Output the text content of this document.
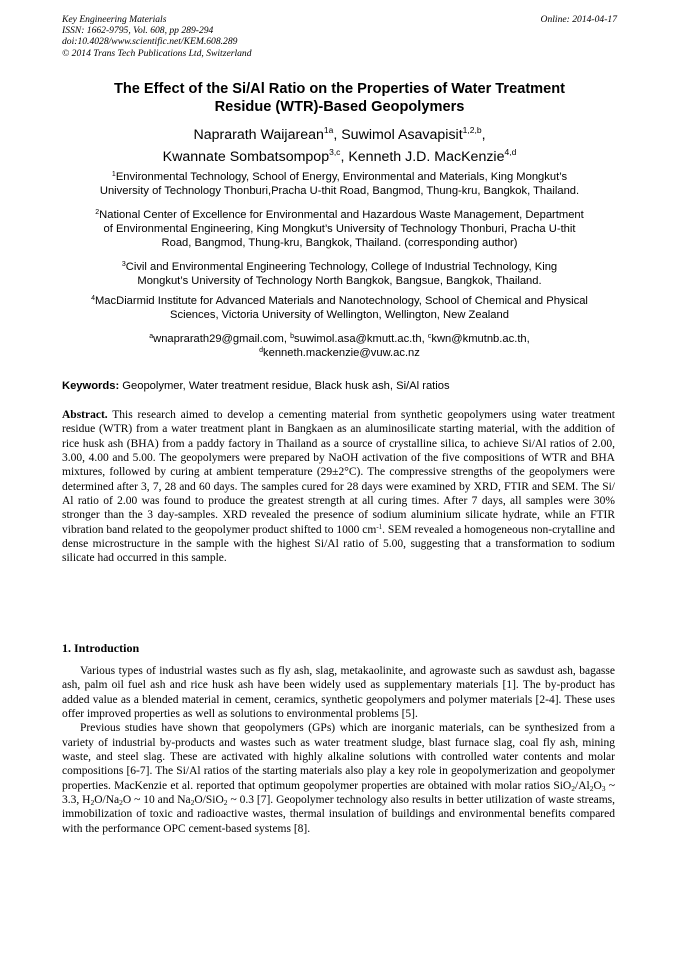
Key Engineering Materials
ISSN: 1662-9795, Vol. 608, pp 289-294
doi:10.4028/www.scientific.net/KEM.608.289
© 2014 Trans Tech Publications Ltd, Switzerland
Online: 2014-04-17
The Effect of the Si/Al Ratio on the Properties of Water Treatment
Residue (WTR)-Based Geopolymers
Naprarath Waijarean$^{1a}$, Suwimol Asavapisit$^{1,2,b}$,
Kwannate Sombatsompop$^{3,c}$, Kenneth J.D. MacKenzie$^{4,d}$
$^1$Environmental Technology, School of Energy, Environmental and Materials, King Mongkut’s
University of Technology Thonburi,Pracha U-thit Road, Bangmod, Thung-kru, Bangkok, Thailand.
$^2$National Center of Excellence for Environmental and Hazardous Waste Management, Department
of Environmental Engineering, King Mongkut’s University of Technology Thonburi, Pracha U-thit
Road, Bangmod, Thung-kru, Bangkok, Thailand. (corresponding author)
$^3$Civil and Environmental Engineering Technology, College of Industrial Technology, King
Mongkut’s University of Technology North Bangkok, Bangsue, Bangkok, Thailand.
$^4$MacDiarmid Institute for Advanced Materials and Nanotechnology, School of Chemical and Physical
Sciences, Victoria University of Wellington, Wellington, New Zealand
$^a$wnaprarath29@gmail.com, $^b$suwimol.asa@kmutt.ac.th, $^c$kwn@kmutnb.ac.th,
$^d$kenneth.mackenzie@vuw.ac.nz
Keywords: Geopolymer, Water treatment residue, Black husk ash, Si/Al ratios
Abstract. This research aimed to develop a cementing material from synthetic geopolymers using water treatment residue (WTR) from a water treatment plant in Bangkaen as an aluminosilicate starting material, with the addition of rice husk ash (BHA) from a paddy factory in Thailand as a source of crystalline silica, to achieve Si/Al ratios of 2.00, 3.00, 4.00 and 5.00. The geopolymers were prepared by NaOH activation of the five compositions of WTR and BHA mixtures, followed by curing at ambient temperature (29±2°C). The compressive strengths of the geopolymers were determined after 3, 7, 28 and 60 days. The samples cured for 28 days were examined by XRD, FTIR and SEM. The Si/ Al ratio of 2.00 was found to produce the greatest strength at all curing times. After 7 days, all samples were 30% stronger than the 3 day-samples. XRD revealed the presence of sodium aluminium silicate hydrate, while an FTIR vibration band related to the geopolymer product shifted to 1000 $cm^{-1}$. SEM revealed a homogeneous non-crytalline and dense microstructure in the sample with the highest Si/Al ratio of 5.00, suggesting that a transformation to sodium silicate had occurred in this sample.
1. Introduction

Various types of industrial wastes such as fly ash, slag, metakaolinite, and agrowaste such as sawdust ash, bagasse ash, palm oil fuel ash and rice husk ash have been widely used as supplementary materials [1]. The by-product has added value as a blended material in cement, ceramics, synthetic geopolymers and polymer materials [2-4]. These uses offer improved properties as well as solutions to environmental problems [5].

Previous studies have shown that geopolymers (GPs) which are inorganic materials, can be synthesized from a variety of industrial by-products and wastes such as water treatment sludge, blast furnace slag, coal fly ash, mining waste, and steel slag. These are activated with highly alkaline solutions with controlled water contents and molar compositions [6-7]. The Si/Al ratios of the starting materials also play a key role in geopolymerization and geopolymer properties. MacKenzie et al. reported that optimum geopolymer properties are obtained with molar ratios $SiO_2/Al_2O_3$ ~ 3.3, $H_2O/Na_2O$ ~ 10 and $Na_2O/SiO_2$ ~ 0.3 [7]. Geopolymer technology also results in better utilization of waste streams, immobilization of toxic and radioactive wastes, thermal insulation of buildings and environmental benefits compared with the performance OPC cement-based systems [8].
